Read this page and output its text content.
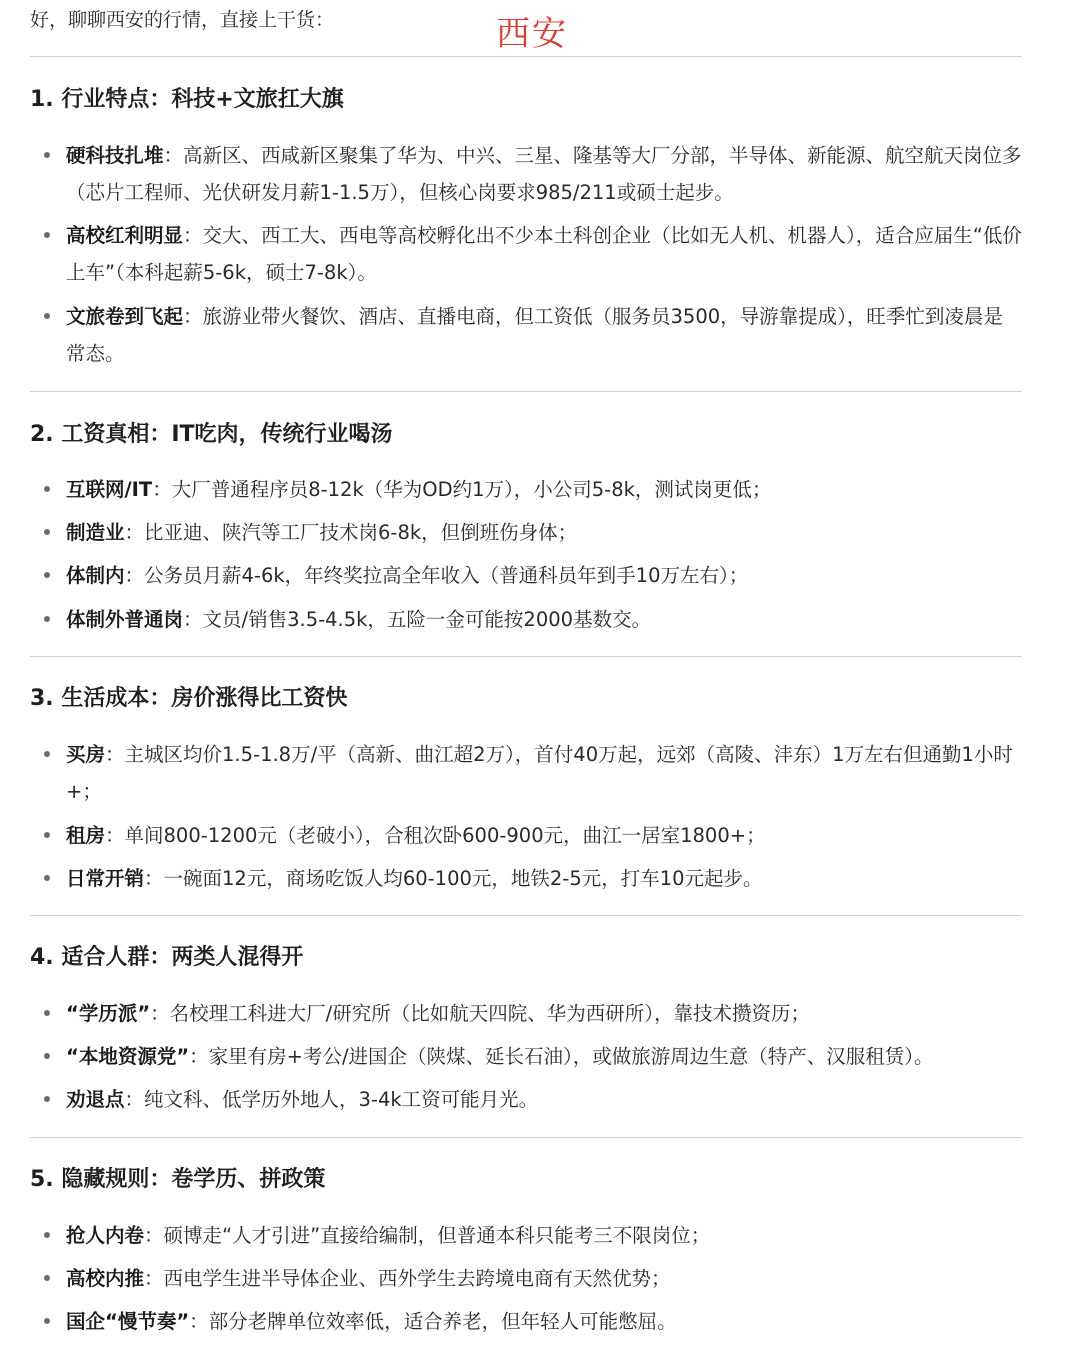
好，聊聊西安的行情，直接上干货：	西安
1. 行业特点：科技+文旅扛大旗
硬科技扎堆：高新区、西咸新区聚集了华为、中兴、三星、隆基等大厂分部，半导体、新能源、航空航天岗位多（芯片工程师、光伏研发月薪1-1.5万），但核心岗要求985/211或硕士起步。
高校红利明显：交大、西工大、西电等高校孵化出不少本土科创企业（比如无人机、机器人），适合应届生“低价上车”（本科起薪5-6k，硕士7-8k）。
文旅卷到飞起：旅游业带火餐饮、酒店、直播电商，但工资低（服务员3500，导游靠提成），旺季忙到凌晨是常态。
2. 工资真相：IT吃肉，传统行业喝汤
互联网/IT：大厂普通程序员8-12k（华为OD约1万），小公司5-8k，测试岗更低；
制造业：比亚迪、陕汽等工厂技术岗6-8k，但倒班伤身体；
体制内：公务员月薪4-6k，年终奖拉高全年收入（普通科员年到手10万左右）；
体制外普通岗：文员/销售3.5-4.5k，五险一金可能按2000基数交。
3. 生活成本：房价涨得比工资快
买房：主城区均价1.5-1.8万/平（高新、曲江超2万），首付40万起，远郊（高陵、沣东）1万左右但通勤1小时+；
租房：单间800-1200元（老破小），合租次卧600-900元，曲江一居室1800+；
日常开销：一碗面12元，商场吃饭人均60-100元，地铁2-5元，打车10元起步。
4. 适合人群：两类人混得开
“学历派”：名校理工科进大厂/研究所（比如航天四院、华为西研所），靠技术攒资历；
“本地资源党”：家里有房+考公/进国企（陕煤、延长石油），或做旅游周边生意（特产、汉服租赁）。
劝退点：纯文科、低学历外地人，3-4k工资可能月光。
5. 隐藏规则：卷学历、拼政策
抢人内卷：硕博走“人才引进”直接给编制，但普通本科只能考三不限岗位；
高校内推：西电学生进半导体企业、西外学生去跨境电商有天然优势；
国企“慢节奏”：部分老牌单位效率低，适合养老，但年轻人可能憋屈。
